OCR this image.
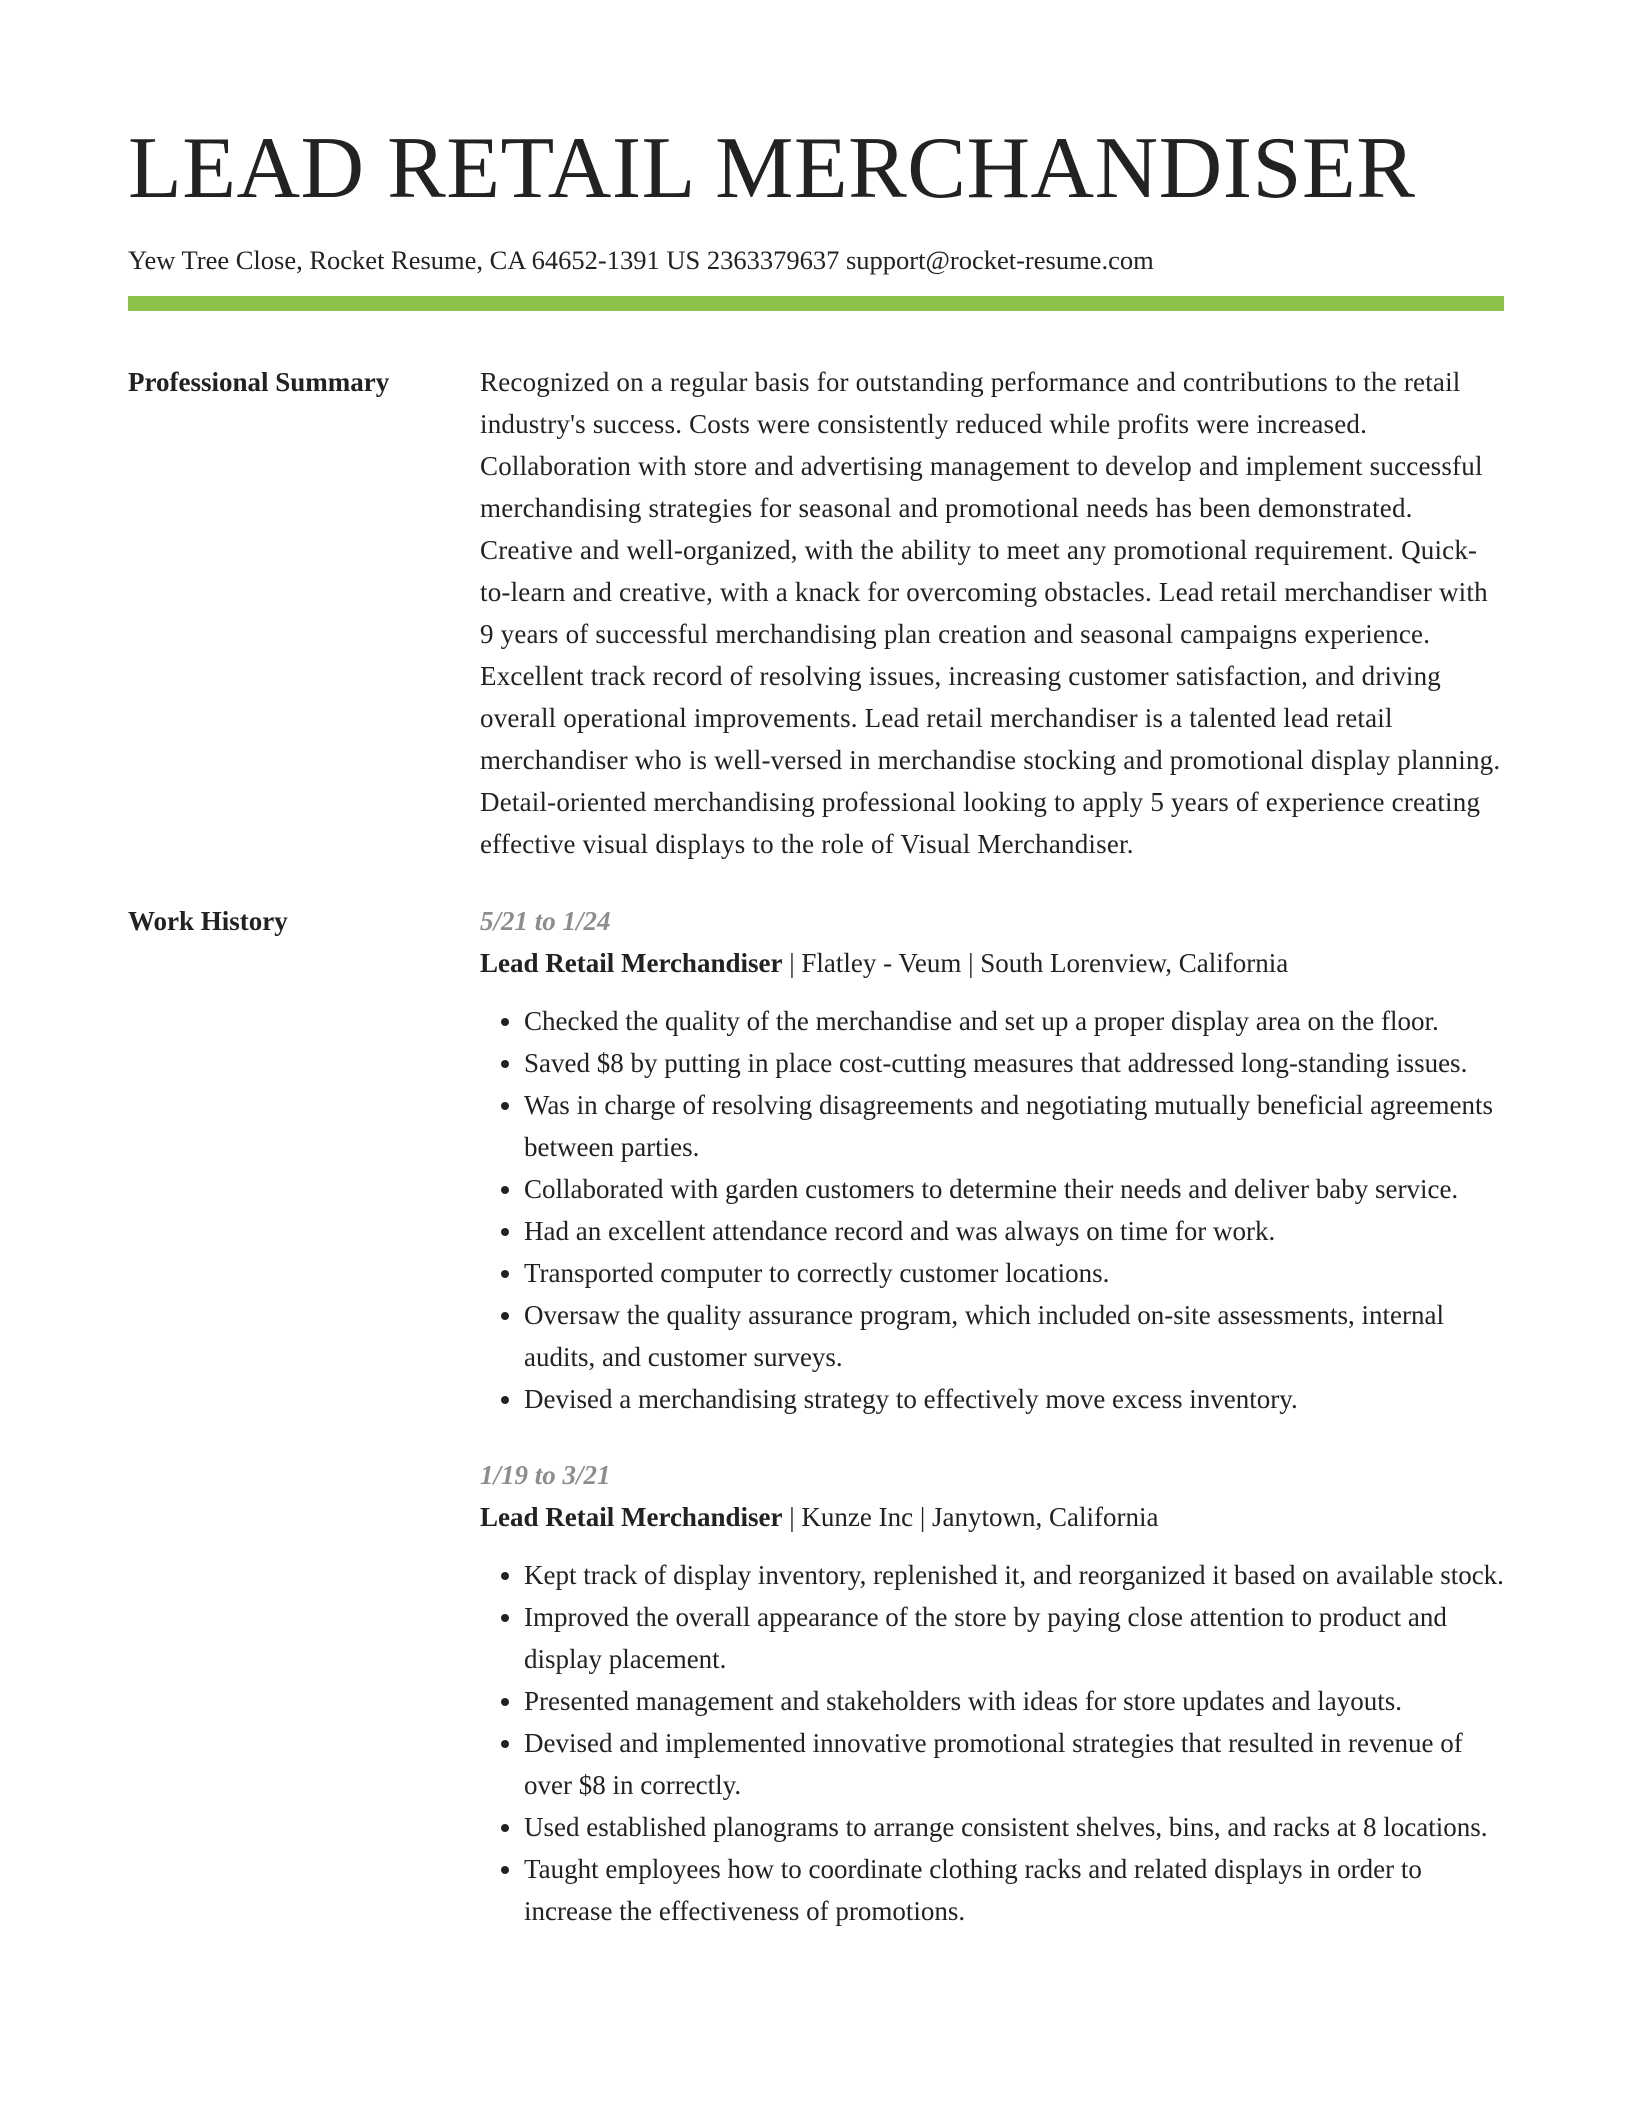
LEAD RETAIL MERCHANDISER
Yew Tree Close, Rocket Resume, CA 64652-1391 US 2363379637 support@rocket-resume.com
Professional Summary	Recognized on a regular basis for outstanding performance and contributions to the retail industry's success. Costs were consistently reduced while profits were increased. Collaboration with store and advertising management to develop and implement successful merchandising strategies for seasonal and promotional needs has been demonstrated. Creative and well-organized, with the ability to meet any promotional requirement. Quick-to-learn and creative, with a knack for overcoming obstacles. Lead retail merchandiser with 9 years of successful merchandising plan creation and seasonal campaigns experience. Excellent track record of resolving issues, increasing customer satisfaction, and driving overall operational improvements. Lead retail merchandiser is a talented lead retail merchandiser who is well-versed in merchandise stocking and promotional display planning. Detail-oriented merchandising professional looking to apply 5 years of experience creating effective visual displays to the role of Visual Merchandiser.

Work History	5/21 to 1/24
Lead Retail Merchandiser | Flatley - Veum | South Lorenview, California
• Checked the quality of the merchandise and set up a proper display area on the floor.
• Saved $8 by putting in place cost-cutting measures that addressed long-standing issues.
• Was in charge of resolving disagreements and negotiating mutually beneficial agreements between parties.
• Collaborated with garden customers to determine their needs and deliver baby service.
• Had an excellent attendance record and was always on time for work.
• Transported computer to correctly customer locations.
• Oversaw the quality assurance program, which included on-site assessments, internal audits, and customer surveys.
• Devised a merchandising strategy to effectively move excess inventory.
1/19 to 3/21
Lead Retail Merchandiser | Kunze Inc | Janytown, California
• Kept track of display inventory, replenished it, and reorganized it based on available stock.
• Improved the overall appearance of the store by paying close attention to product and display placement.
• Presented management and stakeholders with ideas for store updates and layouts.
• Devised and implemented innovative promotional strategies that resulted in revenue of over $8 in correctly.
• Used established planograms to arrange consistent shelves, bins, and racks at 8 locations.
• Taught employees how to coordinate clothing racks and related displays in order to increase the effectiveness of promotions.
